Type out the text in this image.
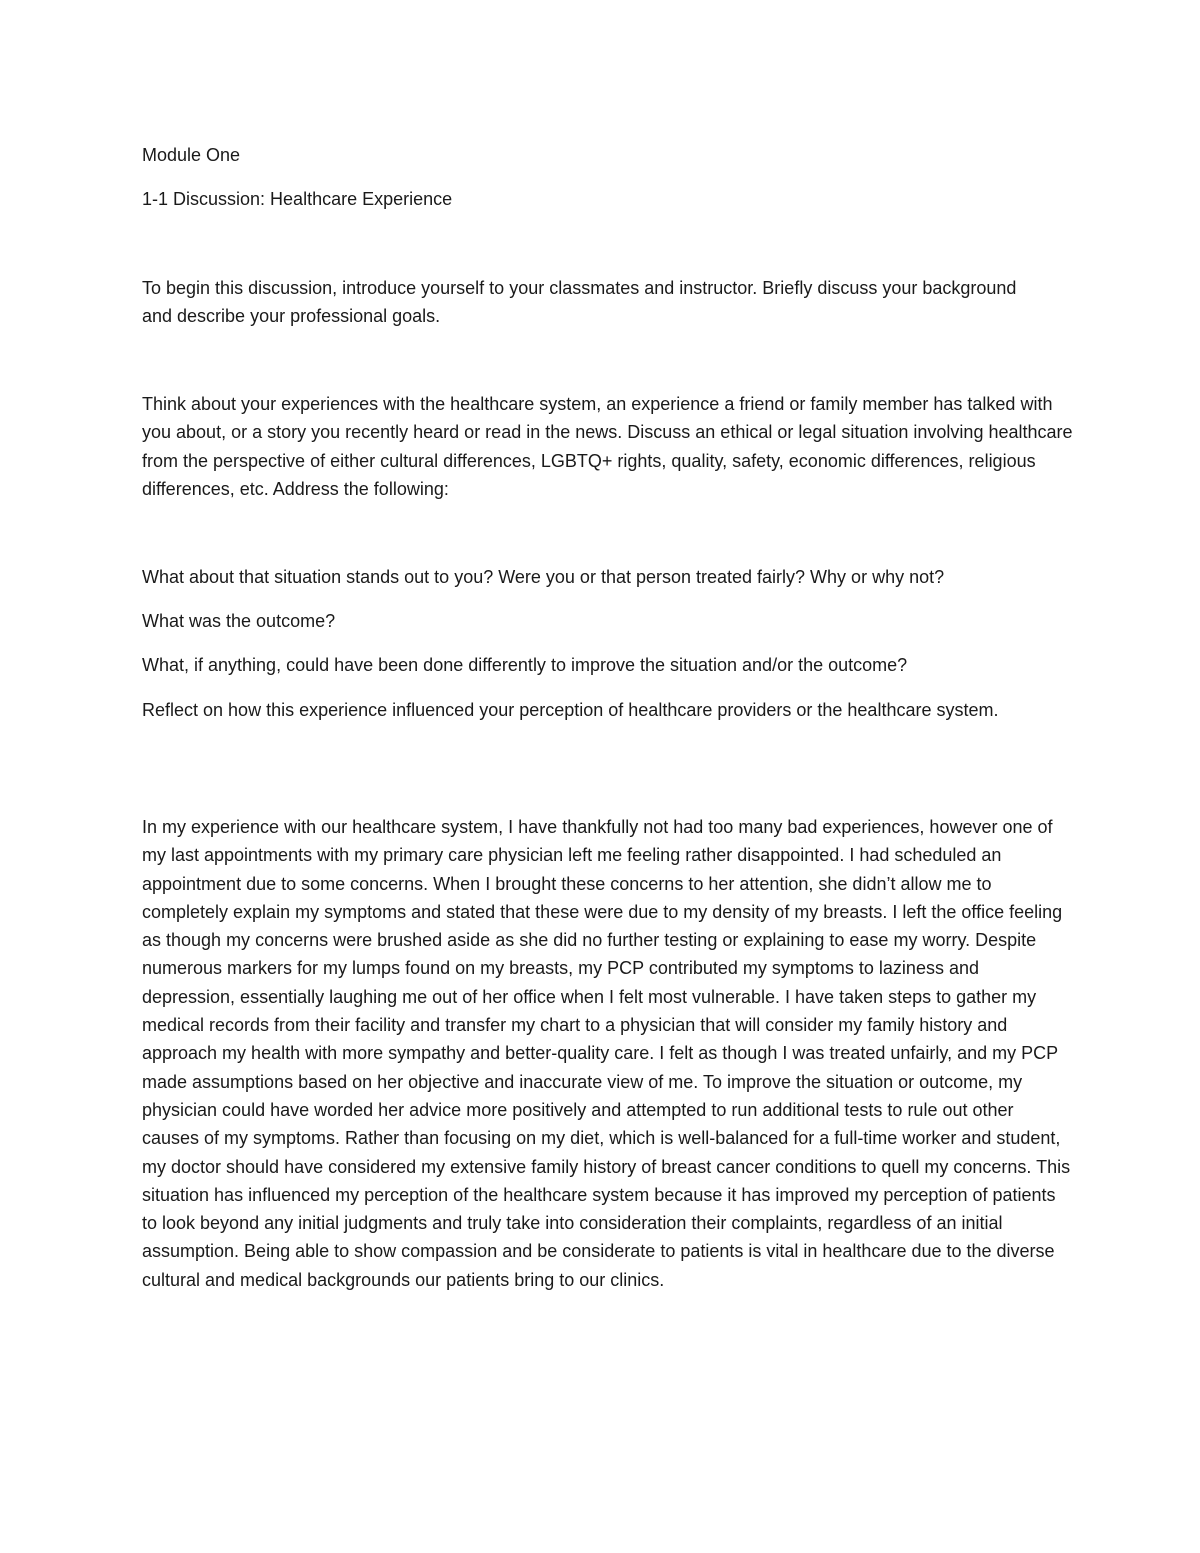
Module One

1-1 Discussion: Healthcare Experience

To begin this discussion, introduce yourself to your classmates and instructor. Briefly discuss your background and describe your professional goals.

Think about your experiences with the healthcare system, an experience a friend or family member has talked with you about, or a story you recently heard or read in the news. Discuss an ethical or legal situation involving healthcare from the perspective of either cultural differences, LGBTQ+ rights, quality, safety, economic differences, religious differences, etc. Address the following:

What about that situation stands out to you? Were you or that person treated fairly? Why or why not?

What was the outcome?

What, if anything, could have been done differently to improve the situation and/or the outcome?

Reflect on how this experience influenced your perception of healthcare providers or the healthcare system.

In my experience with our healthcare system, I have thankfully not had too many bad experiences, however one of my last appointments with my primary care physician left me feeling rather disappointed. I had scheduled an appointment due to some concerns. When I brought these concerns to her attention, she didn’t allow me to completely explain my symptoms and stated that these were due to my density of my breasts. I left the office feeling as though my concerns were brushed aside as she did no further testing or explaining to ease my worry. Despite numerous markers for my lumps found on my breasts, my PCP contributed my symptoms to laziness and depression, essentially laughing me out of her office when I felt most vulnerable. I have taken steps to gather my medical records from their facility and transfer my chart to a physician that will consider my family history and approach my health with more sympathy and better-quality care. I felt as though I was treated unfairly, and my PCP made assumptions based on her objective and inaccurate view of me. To improve the situation or outcome, my physician could have worded her advice more positively and attempted to run additional tests to rule out other causes of my symptoms. Rather than focusing on my diet, which is well-balanced for a full-time worker and student, my doctor should have considered my extensive family history of breast cancer conditions to quell my concerns. This situation has influenced my perception of the healthcare system because it has improved my perception of patients to look beyond any initial judgments and truly take into consideration their complaints, regardless of an initial assumption. Being able to show compassion and be considerate to patients is vital in healthcare due to the diverse cultural and medical backgrounds our patients bring to our clinics.
